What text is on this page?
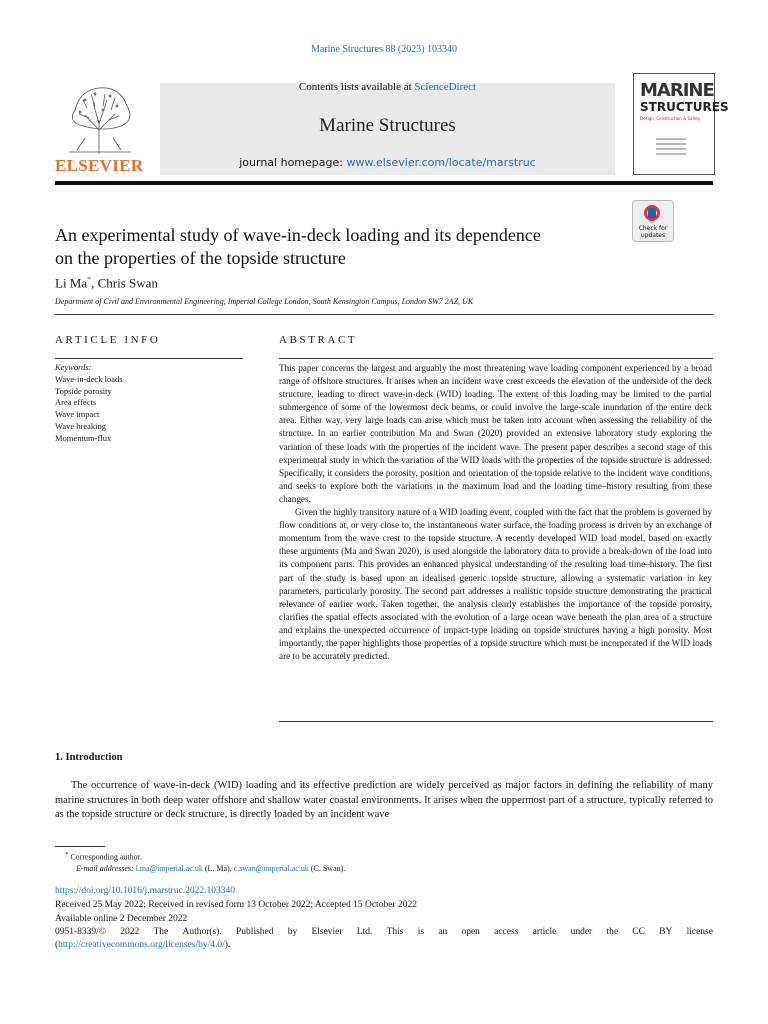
Marine Structures 88 (2023) 103340
ELSEVIER
Contents lists available at ScienceDirect
Marine Structures
journal homepage: www.elsevier.com/locate/marstruc
MARINE
STRUCTURES
Design, Construction & Safety
An experimental study of wave-in-deck loading and its dependence
on the properties of the topside structure
Check for
updates
Li Ma*, Chris Swan
Department of Civil and Environmental Engineering, Imperial College London, South Kensington Campus, London SW7 2AZ, UK
ARTICLE INFO
Keywords:
Wave-in-deck loads
Topside porosity
Area effects
Wave impact
Wave breaking
Momentum-flux
ABSTRACT

This paper concerns the largest and arguably the most threatening wave loading component experienced by a broad range of offshore structures. It arises when an incident wave crest exceeds the elevation of the underside of the deck structure, leading to direct wave-in-deck (WID) loading. The extent of this loading may be limited to the partial submergence of some of the lowermost deck beams, or could involve the large-scale inundation of the entire deck area. Either way, very large loads can arise which must be taken into account when assessing the reliability of the structure. In an earlier contribution Ma and Swan (2020) provided an extensive laboratory study exploring the variation of these loads with the properties of the incident wave. The present paper describes a second stage of this experimental study in which the variation of the WID loads with the properties of the topside structure is addressed. Specifically, it considers the porosity, position and orientation of the topside relative to the incident wave conditions, and seeks to explore both the variations in the maximum load and the loading time–history resulting from these changes.

Given the highly transitory nature of a WID loading event, coupled with the fact that the problem is governed by flow conditions at, or very close to, the instantaneous water surface, the loading process is driven by an exchange of momentum from the wave crest to the topside structure. A recently developed WID load model, based on exactly these arguments (Ma and Swan 2020), is used alongside the laboratory data to provide a break-down of the load into its component parts. This provides an enhanced physical understanding of the resulting load time–history. The first part of the study is based upon an idealised generic topside structure, allowing a systematic variation in key parameters, particularly porosity. The second part addresses a realistic topside structure demonstrating the practical relevance of earlier work. Taken together, the analysis clearly establishes the importance of the topside porosity, clarifies the spatial effects associated with the evolution of a large ocean wave beneath the plan area of a structure and explains the unexpected occurrence of impact-type loading on topside structures having a high porosity. Most importantly, the paper highlights those properties of a topside structure which must be incorporated if the WID loads are to be accurately predicted.

1. Introduction
The occurrence of wave-in-deck (WID) loading and its effective prediction are widely perceived as major factors in defining the reliability of many marine structures in both deep water offshore and shallow water coastal environments. It arises when the uppermost part of a structure, typically referred to as the topside structure or deck structure, is directly loaded by an incident wave
* Corresponding author.
E-mail addresses: l.ma@imperial.ac.uk (L. Ma), c.swan@imperial.ac.uk (C. Swan).
https://doi.org/10.1016/j.marstruc.2022.103340
Received 25 May 2022; Received in revised form 13 October 2022; Accepted 15 October 2022
Available online 2 December 2022
0951-8339/© 2022 The Author(s). Published by Elsevier Ltd. This is an open access article under the CC BY license
(http://creativecommons.org/licenses/by/4.0/).
